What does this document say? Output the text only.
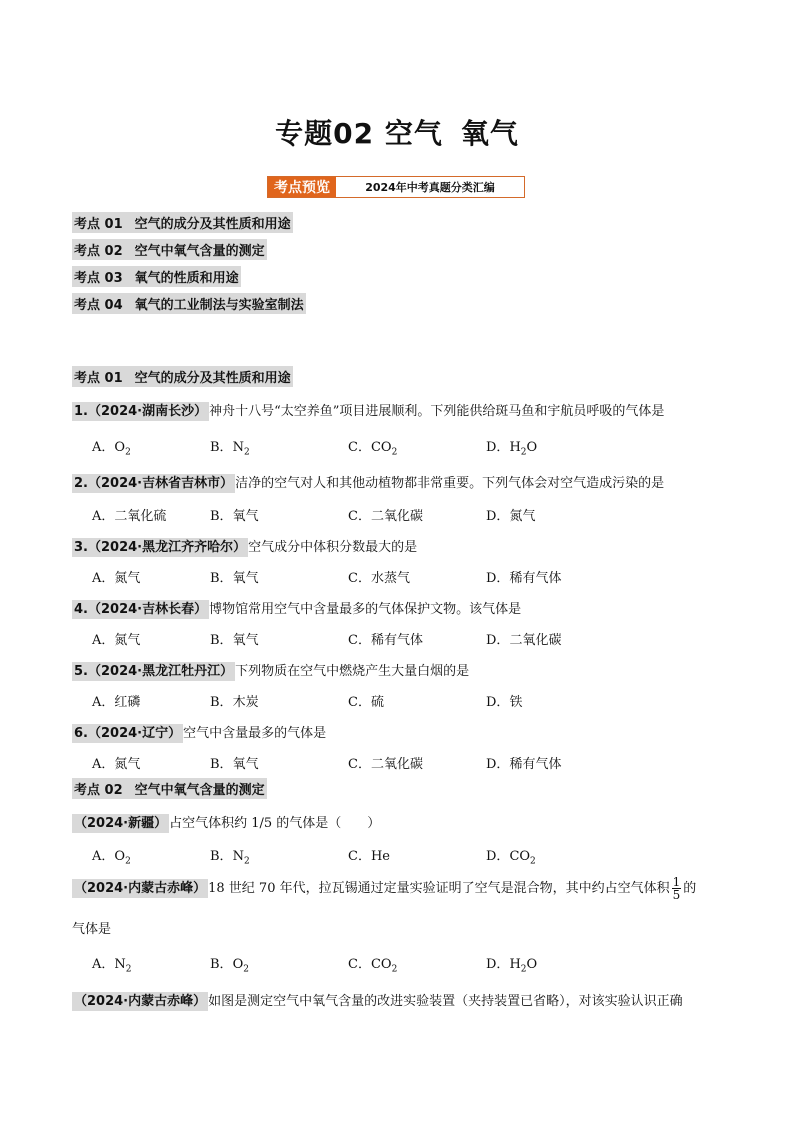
专题02 空气 氧气
考点预览	2024年中考真题分类汇编
考点 01 空气的成分及其性质和用途
考点 02 空气中氧气含量的测定
考点 03 氧气的性质和用途
考点 04 氧气的工业制法与实验室制法
考点 01 空气的成分及其性质和用途
1.（2024·湖南长沙） 神舟十八号“太空养鱼”项目进展顺利。下列能供给斑马鱼和宇航员呼吸的气体是
A．$O_2$	B．$N_2$	C．$CO_2$	D．$H_2O$
2.（2024·吉林省吉林市） 洁净的空气对人和其他动植物都非常重要。下列气体会对空气造成污染的是
A．二氧化硫	B．氧气	C．二氧化碳	D．氮气
3.（2024·黑龙江齐齐哈尔） 空气成分中体积分数最大的是
A．氮气	B．氧气	C．水蒸气	D．稀有气体
4.（2024·吉林长春） 博物馆常用空气中含量最多的气体保护文物。该气体是
A．氮气	B．氧气	C．稀有气体	D．二氧化碳
5.（2024·黑龙江牡丹江） 下列物质在空气中燃烧产生大量白烟的是
A．红磷	B．木炭	C．硫	D．铁
6.（2024·辽宁） 空气中含量最多的气体是
A．氮气	B．氧气	C．二氧化碳	D．稀有气体
考点 02 空气中氧气含量的测定
（2024·新疆） 占空气体积约 1/5 的气体是（　　）
A．$O_2$	B．$N_2$	C．He	D．$CO_2$
（2024·内蒙古赤峰） 18 世纪 70 年代，拉瓦锡通过定量实验证明了空气是混合物，其中约占空气体积 $\frac{1}{5}$ 的
气体是
A．$N_2$	B．$O_2$	C．$CO_2$	D．$H_2O$
（2024·内蒙古赤峰） 如图是测定空气中氧气含量的改进实验装置（夹持装置已省略），对该实验认识正确
